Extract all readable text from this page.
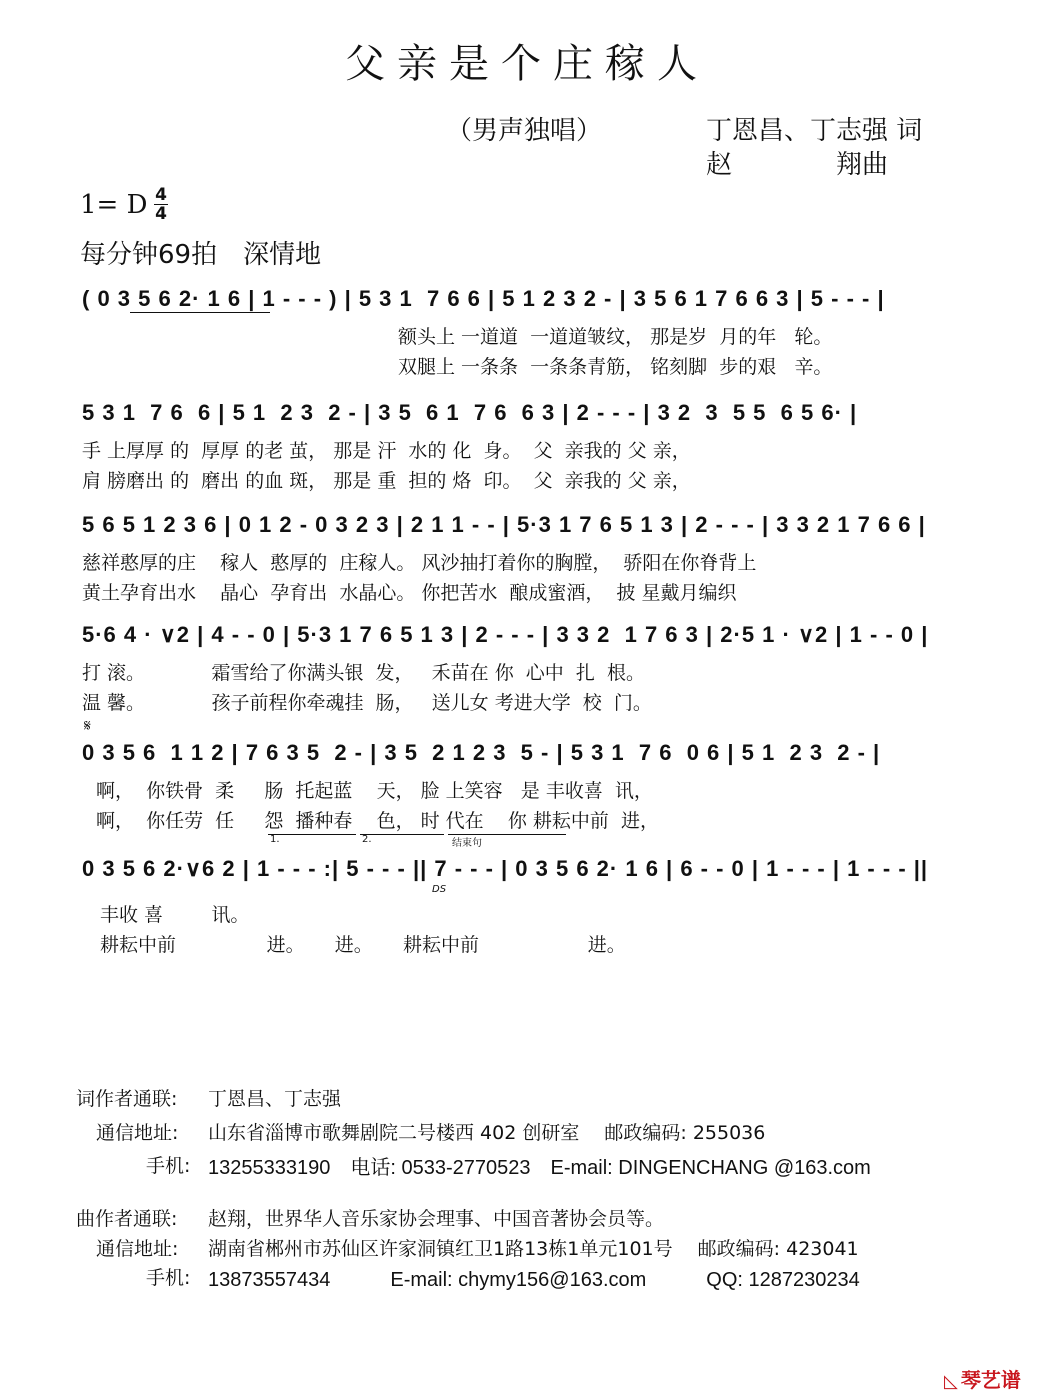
父亲是个庄稼人
（男声独唱）	丁恩昌、丁志强 词
赵　　　　翔曲
1= D 4
4
每分钟69拍　深情地
( 0 3 5 6 2· 1 6 | 1 - - - ) | 5 3 1  7 6 6 | 5 1 2 3 2 - | 3 5 6 1 7 6 6 3 | 5 - - - |
额头上 一道道  一道道皱纹， 那是岁  月的年   轮。
双腿上 一条条  一条条青筋， 铭刻脚  步的艰   辛。
5 3 1  7 6  6 | 5 1  2 3  2 - | 3 5  6 1  7 6  6 3 | 2 - - - | 3 2  3  5 5  6 5 6· |
手 上厚厚 的  厚厚 的老 茧， 那是 汗  水的 化  身。  父  亲我的 父 亲，
肩 膀磨出 的  磨出 的血 斑， 那是 重  担的 烙  印。  父  亲我的 父 亲，
5 6 5 1 2 3 6 | 0 1 2 - 0 3 2 3 | 2 1 1 - - | 5·3 1 7 6 5 1 3 | 2 - - - | 3 3 2 1 7 6 6 |
慈祥憨厚的庄    稼人  憨厚的  庄稼人。 风沙抽打着你的胸膛，  骄阳在你脊背上
黄土孕育出水    晶心  孕育出  水晶心。 你把苦水  酿成蜜酒，  披 星戴月编织
5·6 4 · ∨2 | 4 - - 0 | 5·3 1 7 6 5 1 3 | 2 - - - | 3 3 2  1 7 6 3 | 2·5 1 · ∨2 | 1 - - 0 |
打 滚。           霜雪给了你满头银  发，   禾苗在 你  心中  扎  根。
温 馨。           孩子前程你牵魂挂  肠，   送儿女 考进大学  校  门。
𝄋
0 3 5 6  1 1 2 | 7 6 3 5  2 - | 3 5  2 1 2 3  5 - | 5 3 1  7 6  0 6 | 5 1  2 3  2 - |
啊，  你铁骨  柔     肠  托起蓝    天， 脸 上笑容   是 丰收喜  讯，
啊，  你任劳  任     怨  播种春    色， 时 代在    你 耕耘中前  进，
1.	2.	结束句
0 3 5 6 2·∨6 2 | 1 - - - :| 5 - - - || 7 - - - | 0 3 5 6 2· 1 6 | 6 - - 0 | 1 - - - | 1 - - - ||
DS
丰收 喜        讯。
耕耘中前               进。     进。     耕耘中前                  进。
词作者通联: 丁恩昌、丁志强
通信地址: 山东省淄博市歌舞剧院二号楼西 402 创研室　 邮政编码: 255036
手机: 13255333190　电话: 0533-2770523　E-mail: DINGENCHANG @163.com
曲作者通联: 赵翔，世界华人音乐家协会理事、中国音著协会员等。
通信地址: 湖南省郴州市苏仙区许家洞镇红卫1路13栋1单元101号　 邮政编码: 423041
手机: 13873557434　　　E-mail: chymy156@163.com　　　QQ: 1287230234
◺ 琴艺谱
